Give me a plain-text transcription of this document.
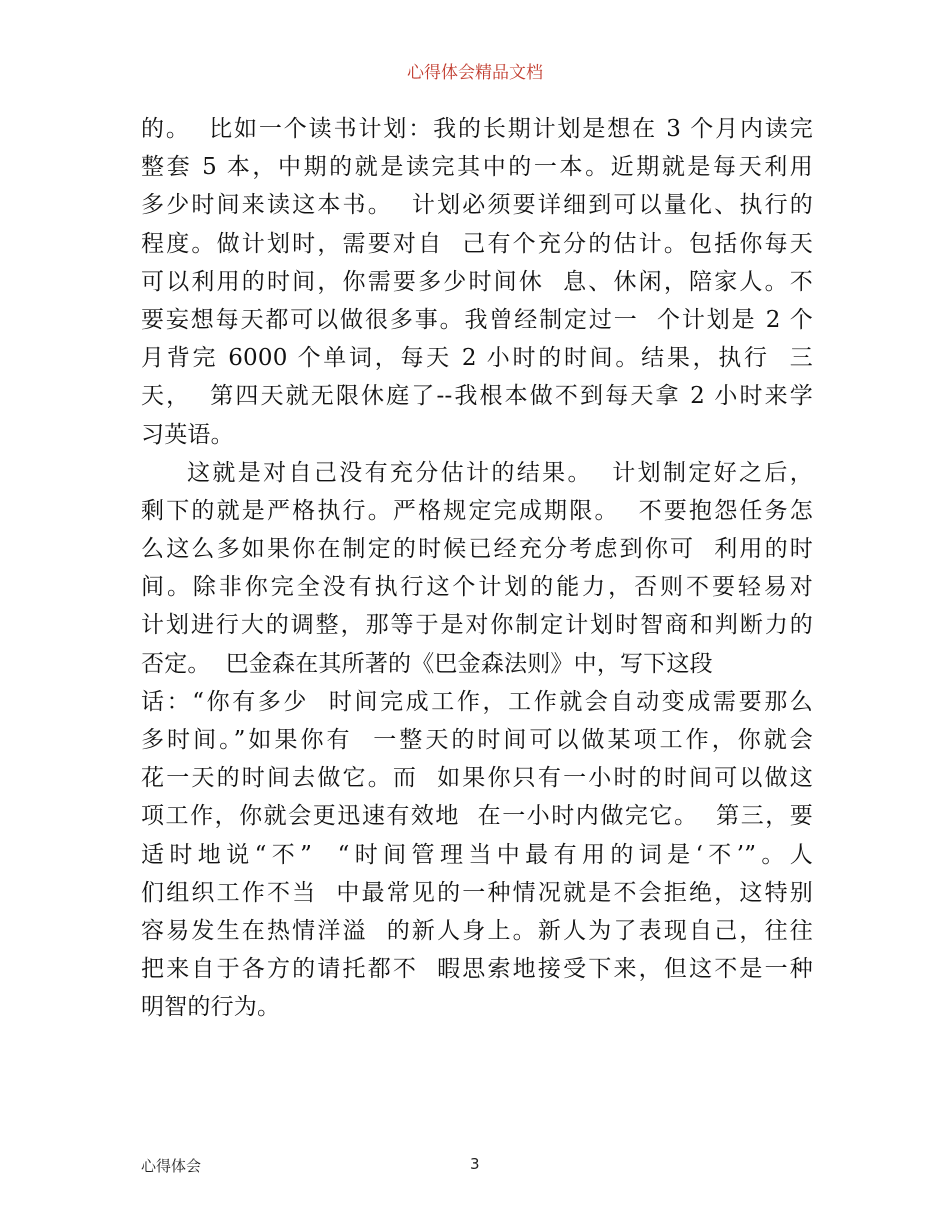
心得体会精品文档
的。  比如一个读书计划：我的长期计划是想在 3 个月内读完
整套 5 本，中期的就是读完其中的一本。近期就是每天利用
多少时间来读这本书。  计划必须要详细到可以量化、执行的
程度。做计划时，需要对自  己有个充分的估计。包括你每天
可以利用的时间，你需要多少时间休  息、休闲，陪家人。不
要妄想每天都可以做很多事。我曾经制定过一  个计划是 2 个
月背完 6000 个单词，每天 2 小时的时间。结果，执行  三
天，  第四天就无限休庭了--我根本做不到每天拿 2 小时来学
习英语。
这就是对自己没有充分估计的结果。  计划制定好之后，
剩下的就是严格执行。严格规定完成期限。  不要抱怨任务怎
么这么多如果你在制定的时候已经充分考虑到你可  利用的时
间。除非你完全没有执行这个计划的能力，否则不要轻易对
计划进行大的调整，那等于是对你制定计划时智商和判断力的
否定。  巴金森在其所著的《巴金森法则》中，写下这段
话：“你有多少  时间完成工作，工作就会自动变成需要那么
多时间。”如果你有  一整天的时间可以做某项工作，你就会
花一天的时间去做它。而  如果你只有一小时的时间可以做这
项工作，你就会更迅速有效地  在一小时内做完它。  第三，要
适时地说“不”  “时间管理当中最有用的词是‘不’”。人
们组织工作不当  中最常见的一种情况就是不会拒绝，这特别
容易发生在热情洋溢  的新人身上。新人为了表现自己，往往
把来自于各方的请托都不  暇思索地接受下来，但这不是一种
明智的行为。
心得体会	3
